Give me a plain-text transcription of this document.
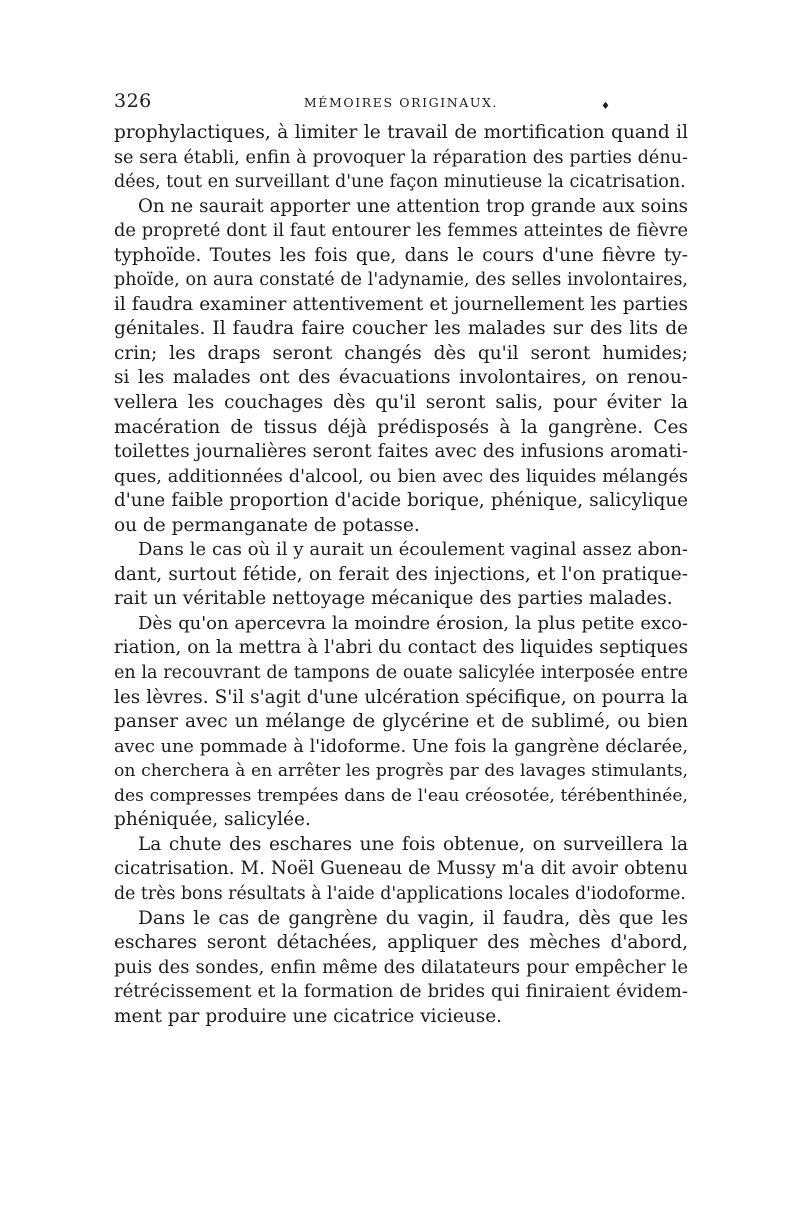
326	MÉMOIRES ORIGINAUX.	♦
prophylactiques, à limiter le travail de mortification quand il
se sera établi, enfin à provoquer la réparation des parties dénu-
dées, tout en surveillant d'une façon minutieuse la cicatrisation.
On ne saurait apporter une attention trop grande aux soins
de propreté dont il faut entourer les femmes atteintes de fièvre
typhoïde. Toutes les fois que, dans le cours d'une fièvre ty-
phoïde, on aura constaté de l'adynamie, des selles involontaires,
il faudra examiner attentivement et journellement les parties
génitales. Il faudra faire coucher les malades sur des lits de
crin; les draps seront changés dès qu'il seront humides;
si les malades ont des évacuations involontaires, on renou-
vellera les couchages dès qu'il seront salis, pour éviter la
macération de tissus déjà prédisposés à la gangrène. Ces
toilettes journalières seront faites avec des infusions aromati-
ques, additionnées d'alcool, ou bien avec des liquides mélangés
d'une faible proportion d'acide borique, phénique, salicylique
ou de permanganate de potasse.
Dans le cas où il y aurait un écoulement vaginal assez abon-
dant, surtout fétide, on ferait des injections, et l'on pratique-
rait un véritable nettoyage mécanique des parties malades.
Dès qu'on apercevra la moindre érosion, la plus petite exco-
riation, on la mettra à l'abri du contact des liquides septiques
en la recouvrant de tampons de ouate salicylée interposée entre
les lèvres. S'il s'agit d'une ulcération spécifique, on pourra la
panser avec un mélange de glycérine et de sublimé, ou bien
avec une pommade à l'idoforme. Une fois la gangrène déclarée,
on cherchera à en arrêter les progrès par des lavages stimulants,
des compresses trempées dans de l'eau créosotée, térébenthinée,
phéniquée, salicylée.
La chute des eschares une fois obtenue, on surveillera la
cicatrisation. M. Noël Gueneau de Mussy m'a dit avoir obtenu
de très bons résultats à l'aide d'applications locales d'iodoforme.
Dans le cas de gangrène du vagin, il faudra, dès que les
eschares seront détachées, appliquer des mèches d'abord,
puis des sondes, enfin même des dilatateurs pour empêcher le
rétrécissement et la formation de brides qui finiraient évidem-
ment par produire une cicatrice vicieuse.
